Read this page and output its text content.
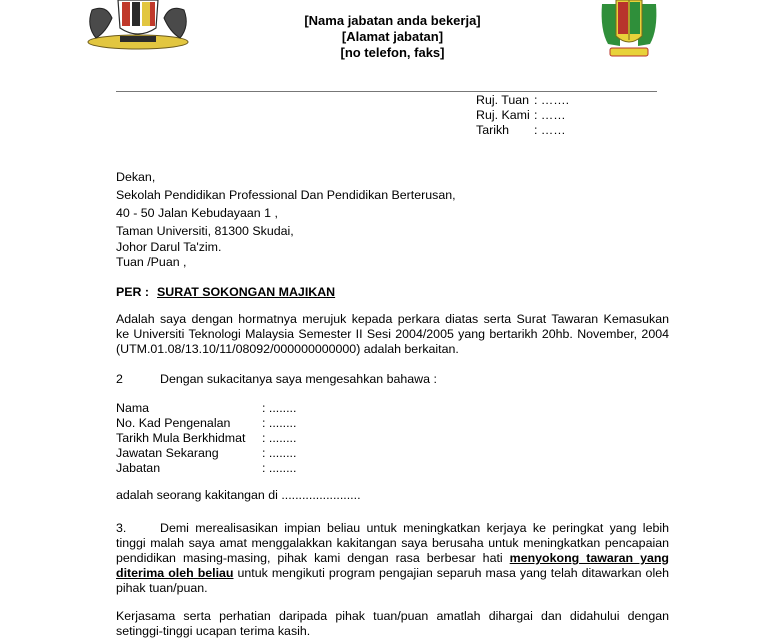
[Nama jabatan anda bekerja]
[Alamat jabatan]
[no telefon, faks]
Ruj. Tuan : …….
Ruj. Kami : ……
Tarikh : ……
Dekan,
Sekolah Pendidikan Professional Dan Pendidikan Berterusan,
40 - 50 Jalan Kebudayaan 1 ,
Taman Universiti, 81300 Skudai,
Johor Darul Ta'zim.
Tuan /Puan ,
PER : SURAT SOKONGAN MAJIKAN
Adalah saya dengan hormatnya merujuk kepada perkara diatas serta Surat Tawaran Kemasukan
ke Universiti Teknologi Malaysia Semester II Sesi 2004/2005 yang bertarikh 20hb. November, 2004
(UTM.01.08/13.10/11/08092/000000000000) adalah berkaitan.
2	Dengan sukacitanya saya mengesahkan bahawa :
Nama	: ........
No. Kad Pengenalan	: ........
Tarikh Mula Berkhidmat : ........
Jawatan Sekarang	: ........
Jabatan	: ........
adalah seorang kakitangan di .......................
3.	Demi merealisasikan impian beliau untuk meningkatkan kerjaya ke peringkat yang lebih
tinggi malah saya amat menggalakkan kakitangan saya berusaha untuk meningkatkan pencapaian
pendidikan masing-masing, pihak kami dengan rasa berbesar hati menyokong tawaran yang
diterima oleh beliau untuk mengikuti program pengajian separuh masa yang telah ditawarkan oleh
pihak tuan/puan.
Kerjasama serta perhatian daripada pihak tuan/puan amatlah dihargai dan didahului dengan
setinggi-tinggi ucapan terima kasih.
